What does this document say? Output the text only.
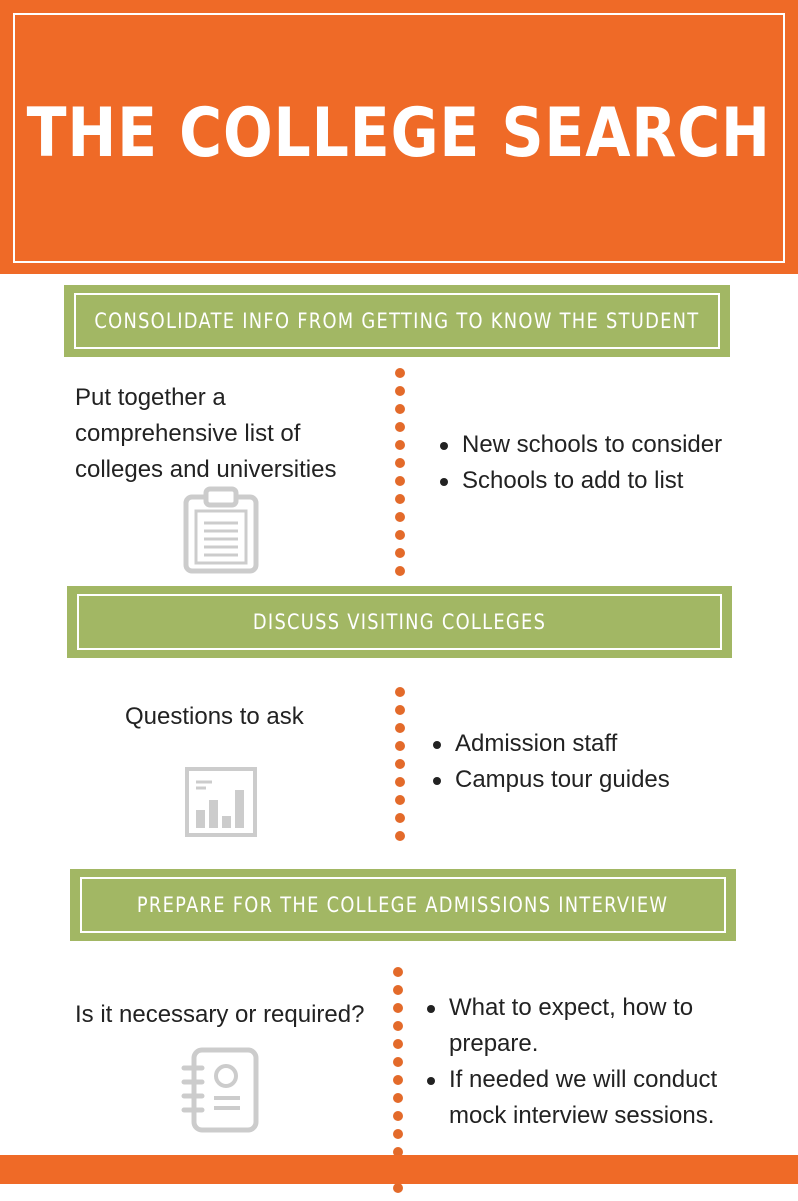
THE COLLEGE SEARCH
CONSOLIDATE INFO FROM GETTING TO KNOW THE STUDENT
Put together a
comprehensive list of
colleges and universities
New schools to consider
Schools to add to list
DISCUSS VISITING COLLEGES
Questions to ask
Admission staff
Campus tour guides
PREPARE FOR THE COLLEGE ADMISSIONS INTERVIEW
Is it necessary or required?	What to expect, how to
prepare.
If needed we will conduct
mock interview sessions.
